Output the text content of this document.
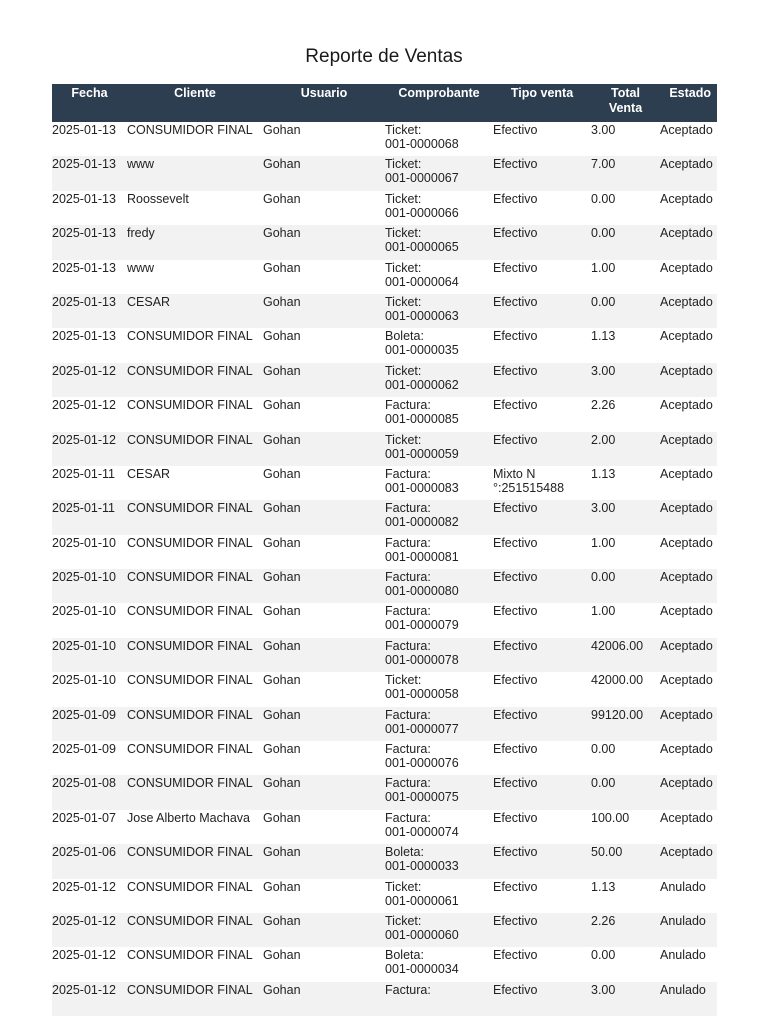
Reporte de Ventas
Fecha	Cliente	Usuario	Comprobante	Tipo venta	Total
Venta	Estado
2025-01-13	CONSUMIDOR FINAL	Gohan	Ticket:
001-0000068	Efectivo	3.00	Aceptado
2025-01-13	www	Gohan	Ticket:
001-0000067	Efectivo	7.00	Aceptado
2025-01-13	Roossevelt	Gohan	Ticket:
001-0000066	Efectivo	0.00	Aceptado
2025-01-13	fredy	Gohan	Ticket:
001-0000065	Efectivo	0.00	Aceptado
2025-01-13	www	Gohan	Ticket:
001-0000064	Efectivo	1.00	Aceptado
2025-01-13	CESAR	Gohan	Ticket:
001-0000063	Efectivo	0.00	Aceptado
2025-01-13	CONSUMIDOR FINAL	Gohan	Boleta:
001-0000035	Efectivo	1.13	Aceptado
2025-01-12	CONSUMIDOR FINAL	Gohan	Ticket:
001-0000062	Efectivo	3.00	Aceptado
2025-01-12	CONSUMIDOR FINAL	Gohan	Factura:
001-0000085	Efectivo	2.26	Aceptado
2025-01-12	CONSUMIDOR FINAL	Gohan	Ticket:
001-0000059	Efectivo	2.00	Aceptado
2025-01-11	CESAR	Gohan	Factura:
001-0000083	Mixto N °:251515488	1.13	Aceptado
2025-01-11	CONSUMIDOR FINAL	Gohan	Factura:
001-0000082	Efectivo	3.00	Aceptado
2025-01-10	CONSUMIDOR FINAL	Gohan	Factura:
001-0000081	Efectivo	1.00	Aceptado
2025-01-10	CONSUMIDOR FINAL	Gohan	Factura:
001-0000080	Efectivo	0.00	Aceptado
2025-01-10	CONSUMIDOR FINAL	Gohan	Factura:
001-0000079	Efectivo	1.00	Aceptado
2025-01-10	CONSUMIDOR FINAL	Gohan	Factura:
001-0000078	Efectivo	42006.00	Aceptado
2025-01-10	CONSUMIDOR FINAL	Gohan	Ticket:
001-0000058	Efectivo	42000.00	Aceptado
2025-01-09	CONSUMIDOR FINAL	Gohan	Factura:
001-0000077	Efectivo	99120.00	Aceptado
2025-01-09	CONSUMIDOR FINAL	Gohan	Factura:
001-0000076	Efectivo	0.00	Aceptado
2025-01-08	CONSUMIDOR FINAL	Gohan	Factura:
001-0000075	Efectivo	0.00	Aceptado
2025-01-07	Jose Alberto Machava	Gohan	Factura:
001-0000074	Efectivo	100.00	Aceptado
2025-01-06	CONSUMIDOR FINAL	Gohan	Boleta:
001-0000033	Efectivo	50.00	Aceptado
2025-01-12	CONSUMIDOR FINAL	Gohan	Ticket:
001-0000061	Efectivo	1.13	Anulado
2025-01-12	CONSUMIDOR FINAL	Gohan	Ticket:
001-0000060	Efectivo	2.26	Anulado
2025-01-12	CONSUMIDOR FINAL	Gohan	Boleta:
001-0000034	Efectivo	0.00	Anulado
2025-01-12	CONSUMIDOR FINAL	Gohan	Factura:	Efectivo	3.00	Anulado
